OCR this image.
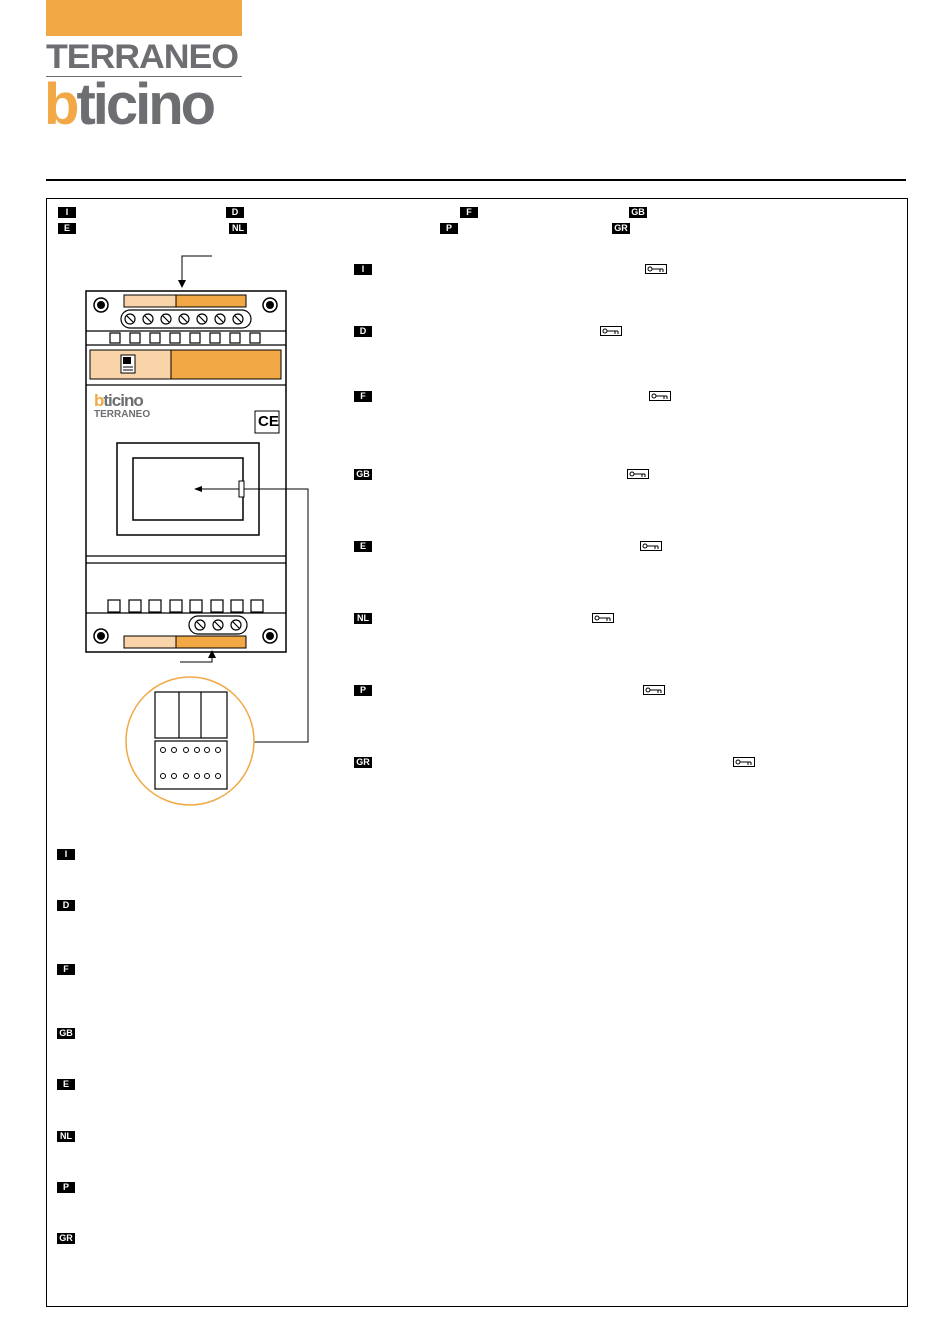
TERRANEO
bticino
I	D	F	GB
E	NL	P	GR
bticino
TERRANEO	CE
I
D
F
GB
E
NL
P
GR
I
D
F
GB
E
NL
P
GR
